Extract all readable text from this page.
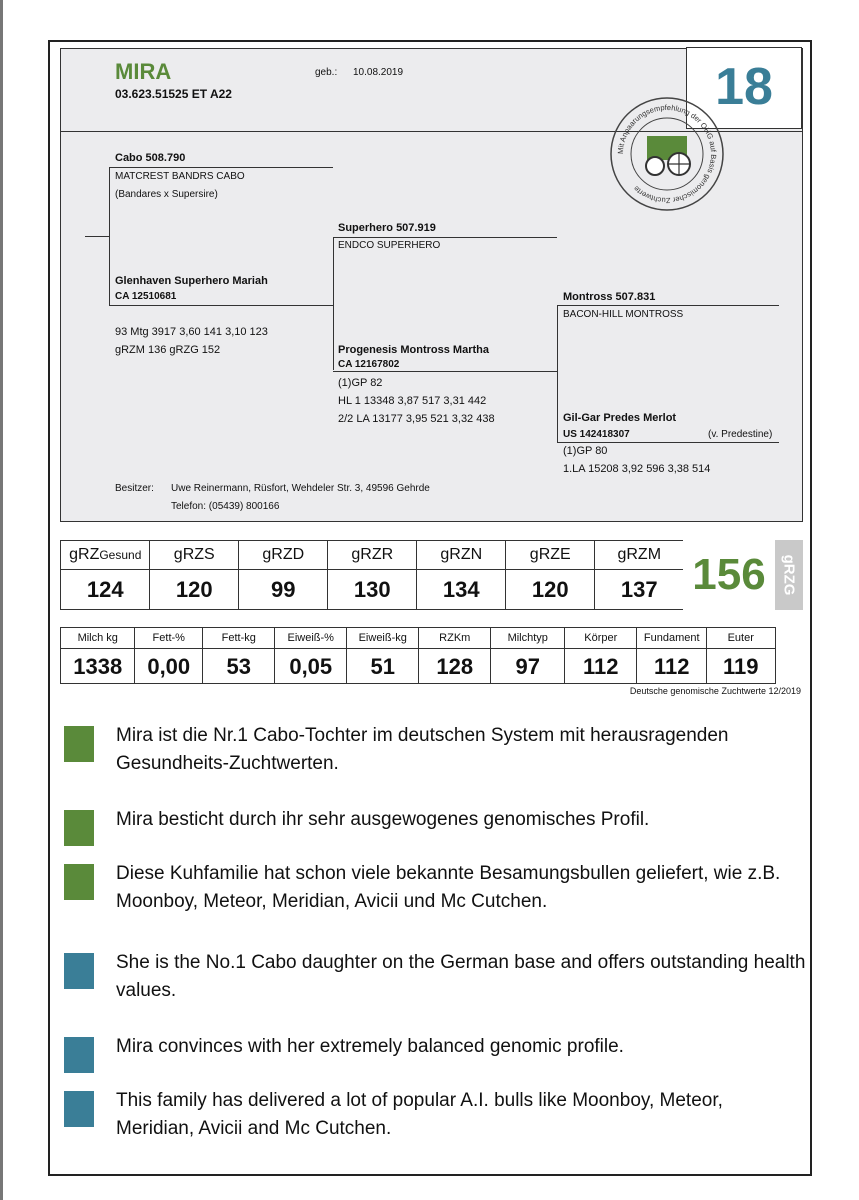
MIRA
03.623.51525 ET A22
geb.: 10.08.2019
Cabo 508.790
MATCREST BANDRS CABO
(Bandares x Supersire)
Glenhaven Superhero Mariah
CA 12510681
93 Mtg 3917 3,60 141 3,10 123
gRZM 136 gRZG 152
Superhero 507.919
ENDCO SUPERHERO
Progenesis Montross Martha
CA 12167802
(1)GP 82
HL 1 13348 3,87 517 3,31 442
2/2 LA 13177 3,95 521 3,32 438
Montross 507.831
BACON-HILL MONTROSS
Gil-Gar Predes Merlot
US 142418307	(v. Predestine)
(1)GP 80
1.LA 15208 3,92 596 3,38 514
Besitzer: Uwe Reinermann, Rüsfort, Wehdeler Str. 3, 49596 Gehrde
Telefon: (05439) 800166
18
Mit Anpaarungsempfehlung der OHG auf Basis genomischer Zuchtwerte
gRZGesund
124
gRZS
120
gRZD
99
gRZR
130
gRZN
134
gRZE
120
gRZM
137 156 gRZG
Milch kg
1338
Fett-%
0,00
Fett-kg
53
Eiweiß-%
0,05
Eiweiß-kg
51
RZKm
128
Milchtyp
97
Körper
112
Fundament
112
Euter
119
Deutsche genomische Zuchtwerte 12/2019
Mira ist die Nr.1 Cabo-Tochter im deutschen System mit herausragenden Gesundheits-Zuchtwerten.
Mira besticht durch ihr sehr ausgewogenes genomisches Profil.
Diese Kuhfamilie hat schon viele bekannte Besamungsbullen geliefert, wie z.B. Moonboy, Meteor, Meridian, Avicii und Mc Cutchen.
She is the No.1 Cabo daughter on the German base and offers outstanding health values.
Mira convinces with her extremely balanced genomic profile.
This family has delivered a lot of popular A.I. bulls like Moonboy, Meteor, Meridian, Avicii and Mc Cutchen.
